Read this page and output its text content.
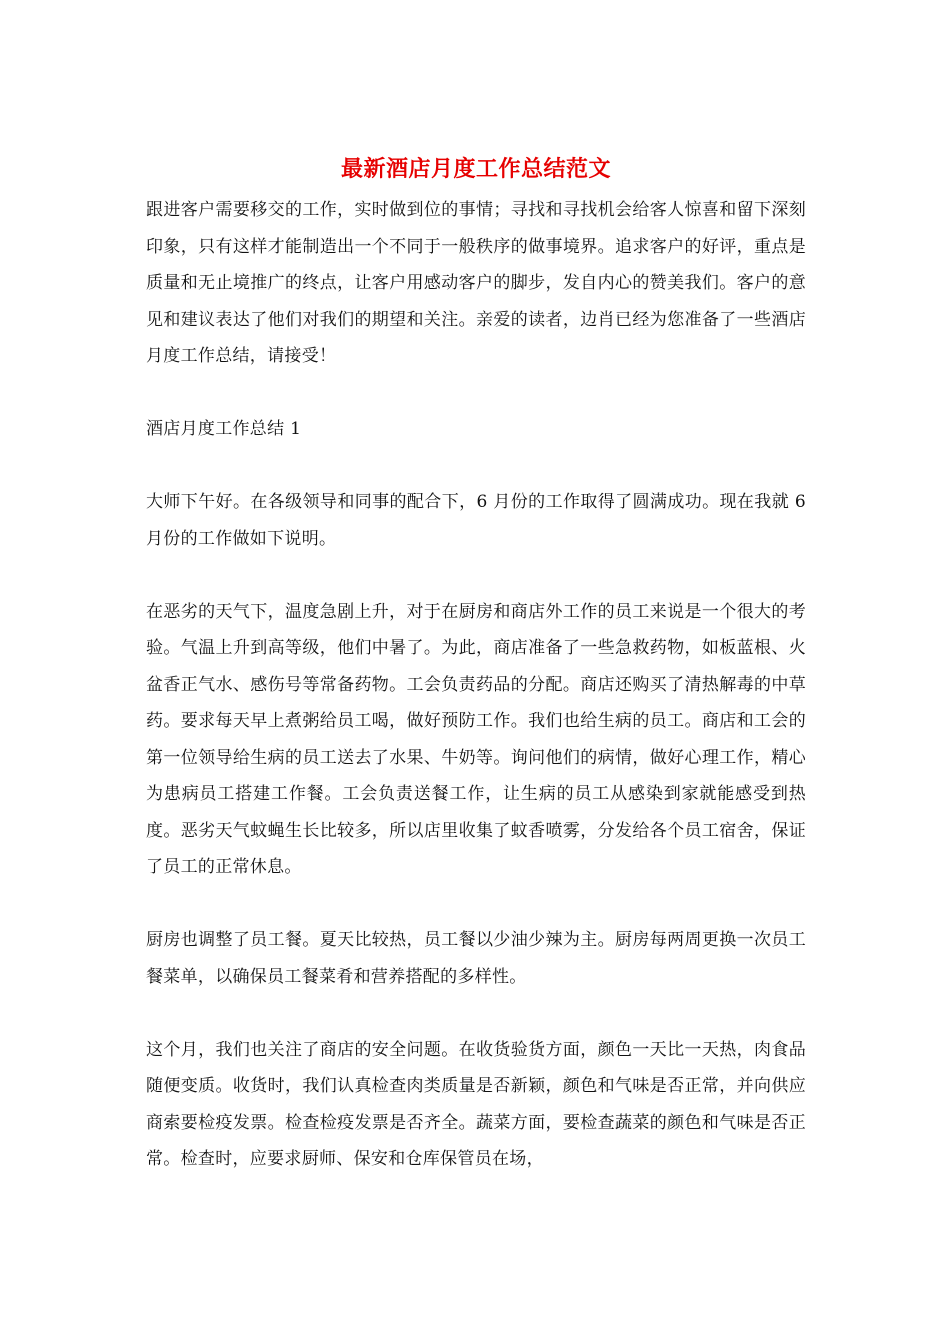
最新酒店月度工作总结范文

跟进客户需要移交的工作，实时做到位的事情；寻找和寻找机会给客人惊喜和留下深刻印象，只有这样才能制造出一个不同于一般秩序的做事境界。追求客户的好评，重点是质量和无止境推广的终点，让客户用感动客户的脚步，发自内心的赞美我们。客户的意见和建议表达了他们对我们的期望和关注。亲爱的读者，边肖已经为您准备了一些酒店月度工作总结，请接受！

酒店月度工作总结 1

大师下午好。在各级领导和同事的配合下，6 月份的工作取得了圆满成功。现在我就 6 月份的工作做如下说明。

在恶劣的天气下，温度急剧上升，对于在厨房和商店外工作的员工来说是一个很大的考验。气温上升到高等级，他们中暑了。为此，商店准备了一些急救药物，如板蓝根、火盆香正气水、感伤号等常备药物。工会负责药品的分配。商店还购买了清热解毒的中草药。要求每天早上煮粥给员工喝，做好预防工作。我们也给生病的员工。商店和工会的第一位领导给生病的员工送去了水果、牛奶等。询问他们的病情，做好心理工作，精心为患病员工搭建工作餐。工会负责送餐工作，让生病的员工从感染到家就能感受到热度。恶劣天气蚊蝇生长比较多，所以店里收集了蚊香喷雾，分发给各个员工宿舍，保证了员工的正常休息。

厨房也调整了员工餐。夏天比较热，员工餐以少油少辣为主。厨房每两周更换一次员工餐菜单，以确保员工餐菜肴和营养搭配的多样性。

这个月，我们也关注了商店的安全问题。在收货验货方面，颜色一天比一天热，肉食品随便变质。收货时，我们认真检查肉类质量是否新颖，颜色和气味是否正常，并向供应商索要检疫发票。检查检疫发票是否齐全。蔬菜方面，要检查蔬菜的颜色和气味是否正常。检查时，应要求厨师、保安和仓库保管员在场，
